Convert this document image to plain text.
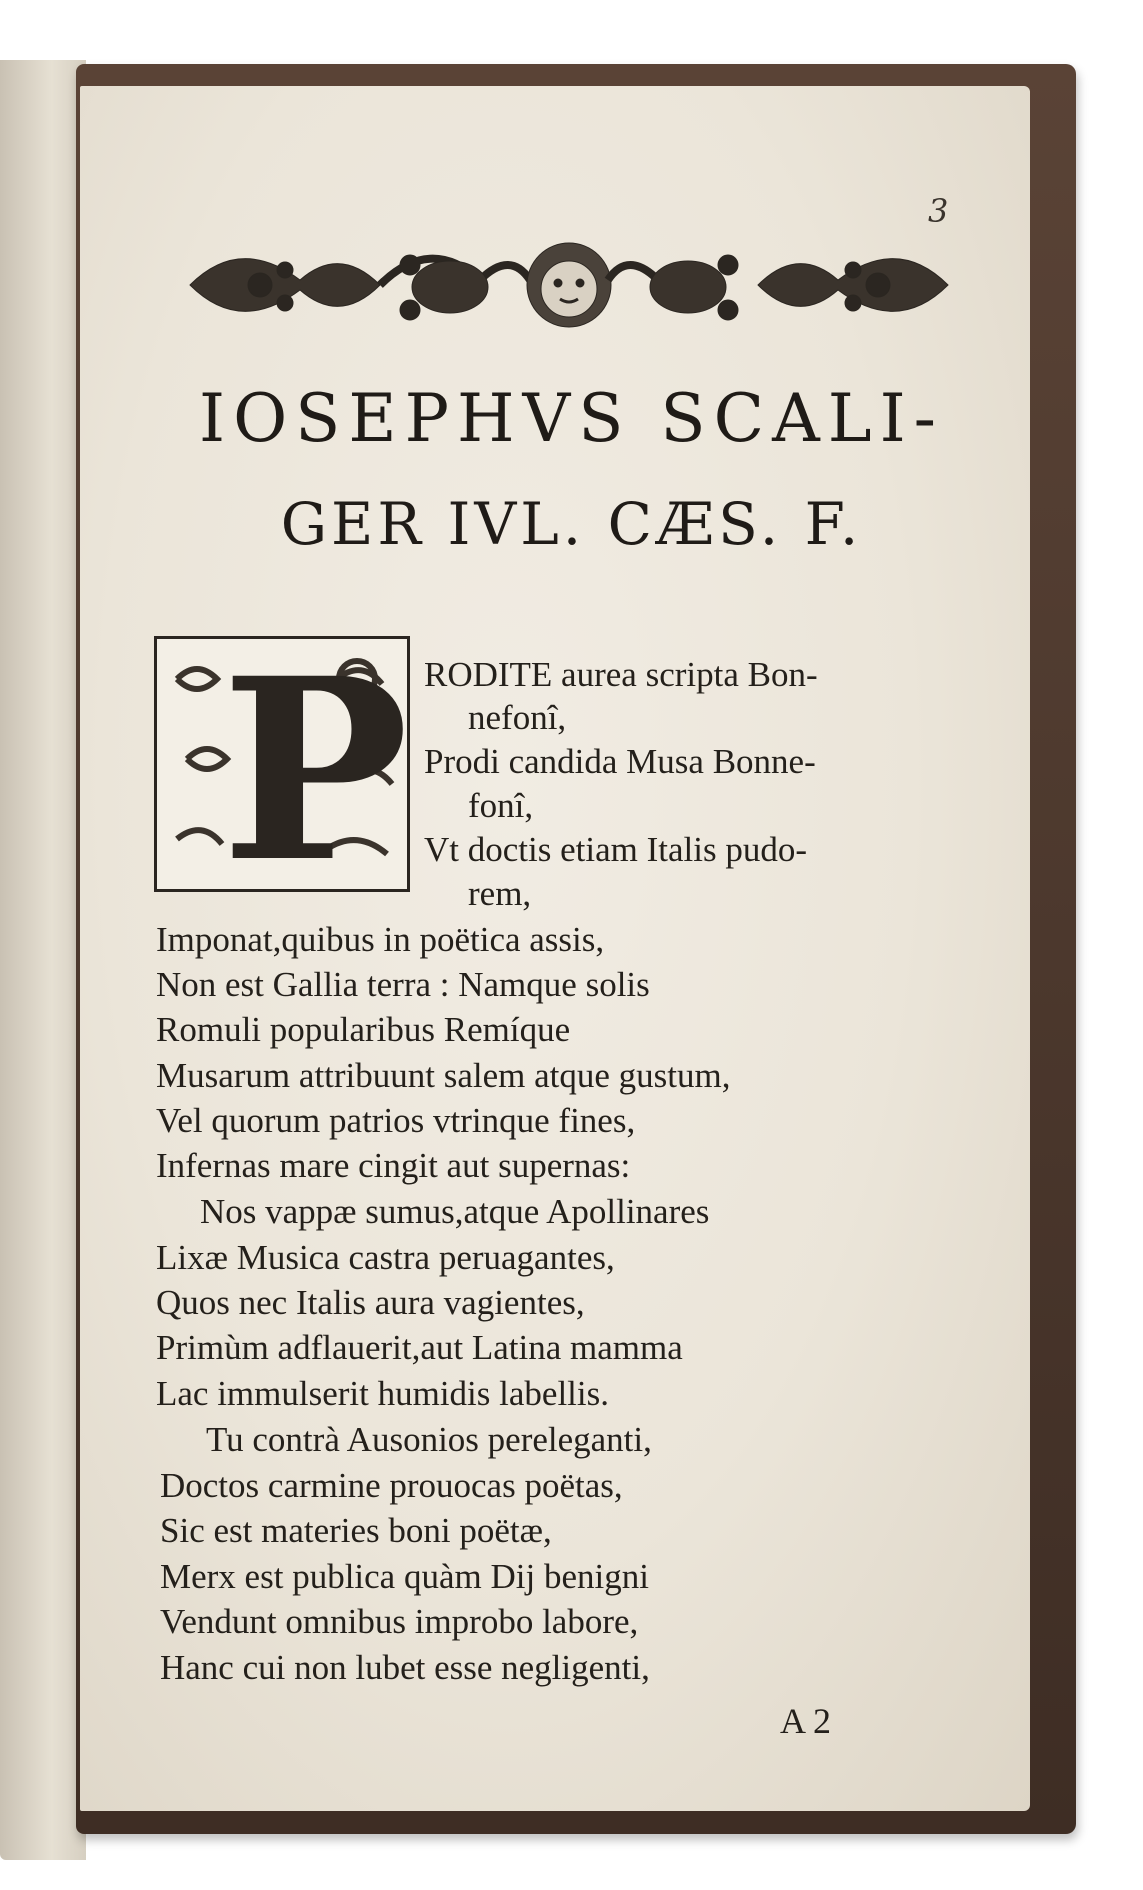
3
IOSEPHVS SCALI-
GER IVL. CÆS. F.
P RODITE aurea scripta Bon-
nefonî,
Prodi candida Musa Bonne-
fonî,
Vt doctis etiam Italis pudo-
rem,
Imponat,quibus in poëtica assis,
Non est Gallia terra : Namque solis
Romuli popularibus Remíque
Musarum attribuunt salem atque gustum,
Vel quorum patrios vtrinque fines,
Infernas mare cingit aut supernas:
Nos vappæ sumus,atque Apollinares
Lixæ Musica castra peruagantes,
Quos nec Italis aura vagientes,
Primùm adflauerit,aut Latina mamma
Lac immulserit humidis labellis.
Tu contrà Ausonios pereleganti,
Doctos carmine prouocas poëtas,
Sic est materies boni poëtæ,
Merx est publica quàm Dij benigni
Vendunt omnibus improbo labore,
Hanc cui non lubet esse negligenti,
A 2
